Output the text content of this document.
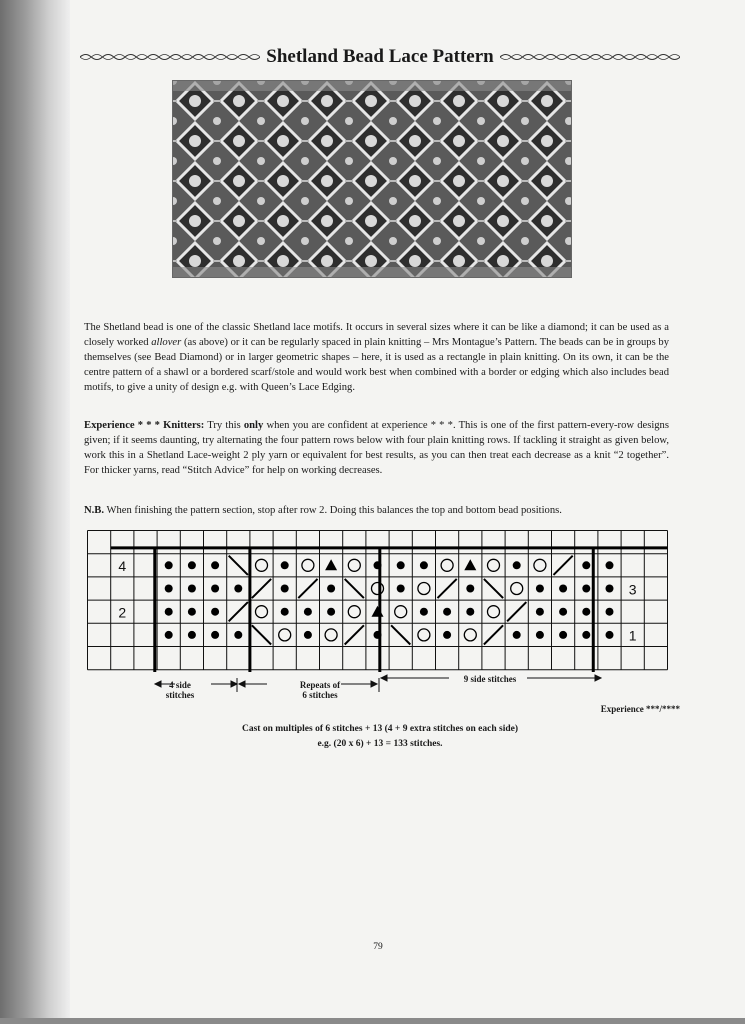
Shetland Bead Lace Pattern
The Shetland bead is one of the classic Shetland lace motifs. It occurs in several sizes where it can be like a diamond; it can be used as a closely worked allover (as above) or it can be regularly spaced in plain knitting – Mrs Montague’s Pattern. The beads can be in groups by themselves (see Bead Diamond) or in larger geometric shapes – here, it is used as a rectangle in plain knitting. On its own, it can be the centre pattern of a shawl or a bordered scarf/stole and would work best when combined with a border or edging which also includes bead motifs, to give a unity of design e.g. with Queen’s Lace Edging.
Experience * * * Knitters: Try this only when you are confident at experience * * *. This is one of the first pattern-every-row designs given; if it seems daunting, try alternating the four pattern rows below with four plain knitting rows. If tackling it straight as given below, work this in a Shetland Lace-weight 2 ply yarn or equivalent for best results, as you can then treat each decrease as a knit “2 together”. For thicker yarns, read “Stitch Advice” for help on working decreases.
N.B. When finishing the pattern section, stop after row 2. Doing this balances the top and bottom bead positions.
4
3
2
1
4 side
stitches
Repeats of
6 stitches
9 side stitches
Experience ***/****
Cast on multiples of 6 stitches + 13 (4 + 9 extra stitches on each side)
e.g. (20 x 6) + 13 = 133 stitches.
79
